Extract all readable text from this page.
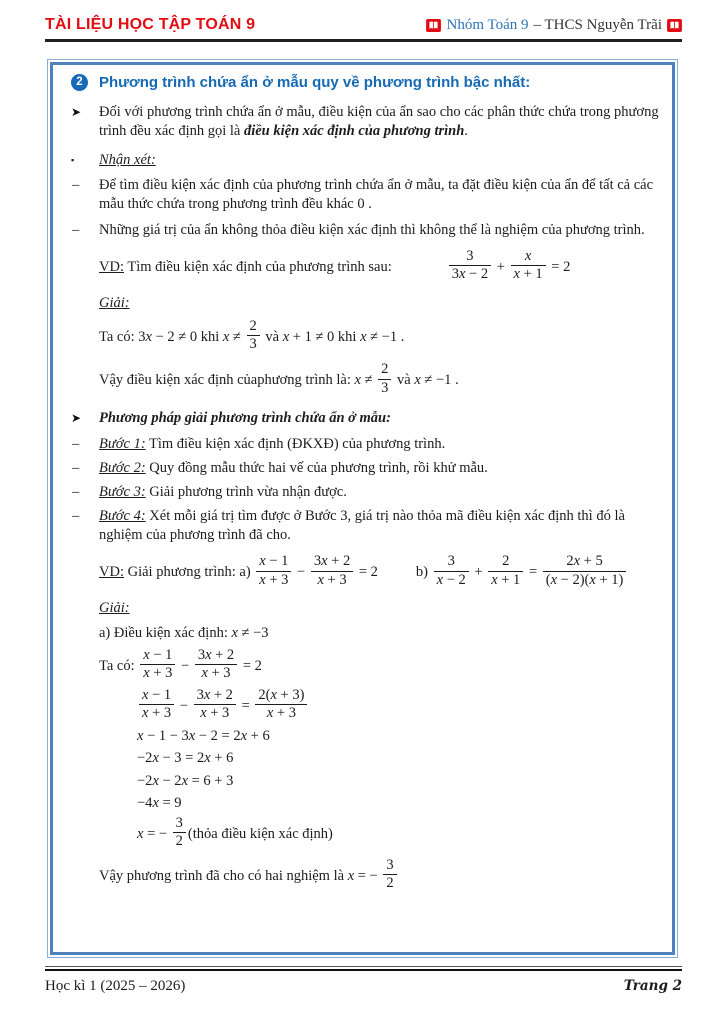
TÀI LIỆU HỌC TẬP TOÁN 9	Nhóm Toán 9 – THCS Nguyễn Trãi
2	Phương trình chứa ẩn ở mẫu quy về phương trình bậc nhất:
➤ Đối với phương trình chứa ẩn ở mẫu, điều kiện của ẩn sao cho các phân thức chứa trong phương trình đều xác định gọi là điều kiện xác định của phương trình.
▪ Nhận xét:
– Để tìm điều kiện xác định của phương trình chứa ẩn ở mẫu, ta đặt điều kiện của ẩn để tất cả các mẫu thức chứa trong phương trình đều khác 0 .
– Những giá trị của ẩn không thỏa điều kiện xác định thì không thể là nghiệm của phương trình.
VD: Tìm điều kiện xác định của phương trình sau:	$\frac{3}{3x - 2} + \frac{x}{x + 1} = 2$
Giải:
Ta có: 3x − 2 ≠ 0 khi $x \ne \frac{2}{3}$ và x + 1 ≠ 0 khi x ≠ −1 .
Vậy điều kiện xác định củaphương trình là: $x \ne \frac{2}{3}$ và x ≠ −1 .
➤ Phương pháp giải phương trình chứa ẩn ở mẫu:
– Bước 1: Tìm điều kiện xác định (ĐKXĐ) của phương trình.
– Bước 2: Quy đồng mẫu thức hai vế của phương trình, rồi khử mẫu.
– Bước 3: Giải phương trình vừa nhận được.
– Bước 4: Xét mỗi giá trị tìm được ở Bước 3, giá trị nào thỏa mã điều kiện xác định thì đó là nghiệm của phương trình đã cho.
VD: Giải phương trình: $a) \frac{x - 1}{x + 3} - \frac{3x + 2}{x + 3} = 2$	$b) \frac{3}{x - 2} + \frac{2}{x + 1} = \frac{2x + 5}{(x - 2)(x + 1)}$
Giải:
a) Điều kiện xác định: x ≠ −3
Ta có: $\frac{x - 1}{x + 3} - \frac{3x + 2}{x + 3} = 2$
$\frac{x - 1}{x + 3} - \frac{3x + 2}{x + 3} = \frac{2(x + 3)}{x + 3}$
x − 1 − 3x − 2 = 2x + 6
−2x − 3 = 2x + 6
−2x − 2x = 6 + 3
−4x = 9
x = − $\frac{3}{2}$ (thỏa điều kiện xác định)
Vậy phương trình đã cho có hai nghiệm là x = − $\frac{3}{2}$
Học kì 1 (2025 – 2026)	Trang 2
